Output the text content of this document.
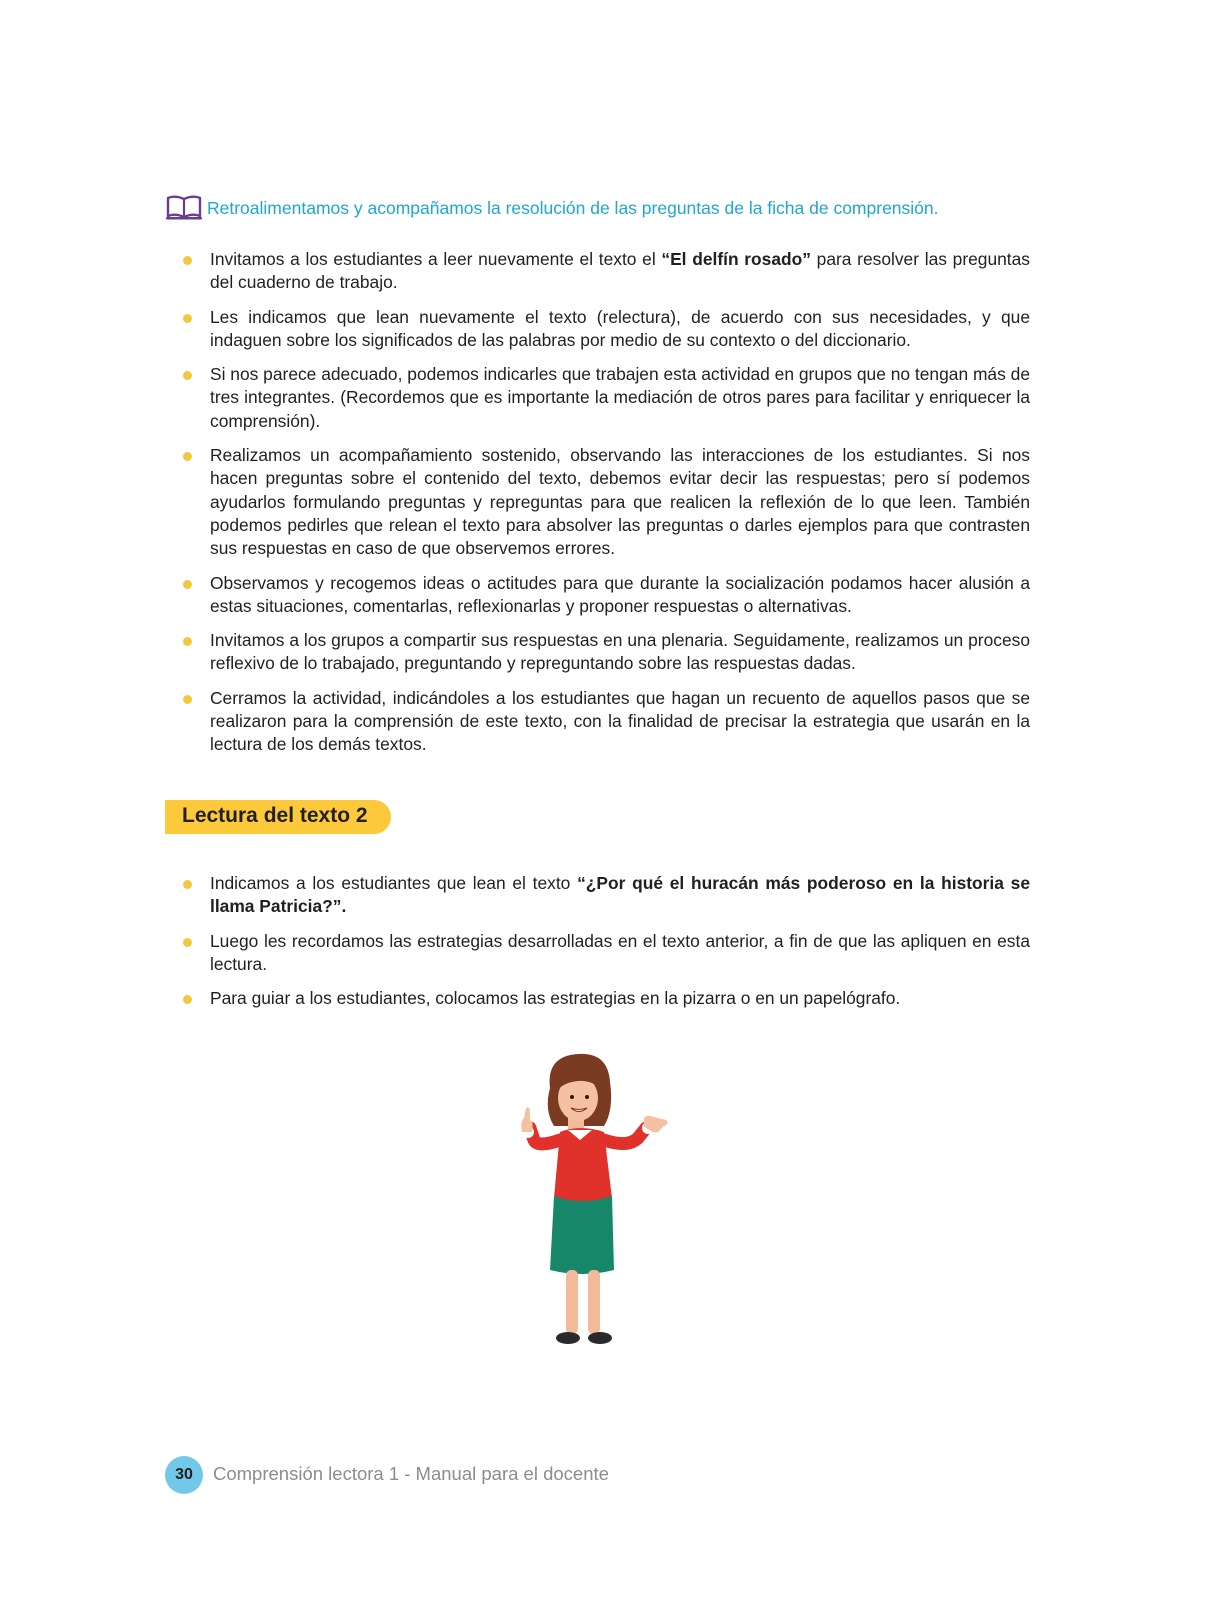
Retroalimentamos y acompañamos la resolución de las preguntas de la ficha de comprensión.
Invitamos a los estudiantes a leer nuevamente el texto el “El delfín rosado” para resolver las preguntas del cuaderno de trabajo.
Les indicamos que lean nuevamente el texto (relectura), de acuerdo con sus necesidades, y que indaguen sobre los significados de las palabras por medio de su contexto o del diccionario.
Si nos parece adecuado, podemos indicarles que trabajen esta actividad en grupos que no tengan más de tres integrantes. (Recordemos que es importante la mediación de otros pares para facilitar y enriquecer la comprensión).
Realizamos un acompañamiento sostenido, observando las interacciones de los estudiantes. Si nos hacen preguntas sobre el contenido del texto, debemos evitar decir las respuestas; pero sí podemos ayudarlos formulando preguntas y repreguntas para que realicen la reflexión de lo que leen. También podemos pedirles que relean el texto para absolver las preguntas o darles ejemplos para que contrasten sus respuestas en caso de que observemos errores.
Observamos y recogemos ideas o actitudes para que durante la socialización podamos hacer alusión a estas situaciones, comentarlas, reflexionarlas y proponer respuestas o alternativas.
Invitamos a los grupos a compartir sus respuestas en una plenaria. Seguidamente, realizamos un proceso reflexivo de lo trabajado, preguntando y repreguntando sobre las respuestas dadas.
Cerramos la actividad, indicándoles a los estudiantes que hagan un recuento de aquellos pasos que se realizaron para la comprensión de este texto, con la finalidad de precisar la estrategia que usarán en la lectura de los demás textos.
Lectura del texto 2
Indicamos a los estudiantes que lean el texto “¿Por qué el huracán más poderoso en la historia se llama Patricia?”.
Luego les recordamos las estrategias desarrolladas en el texto anterior, a fin de que las apliquen en esta lectura.
Para guiar a los estudiantes, colocamos las estrategias en la pizarra o en un papelógrafo.
30 Comprensión lectora 1 - Manual para el docente
